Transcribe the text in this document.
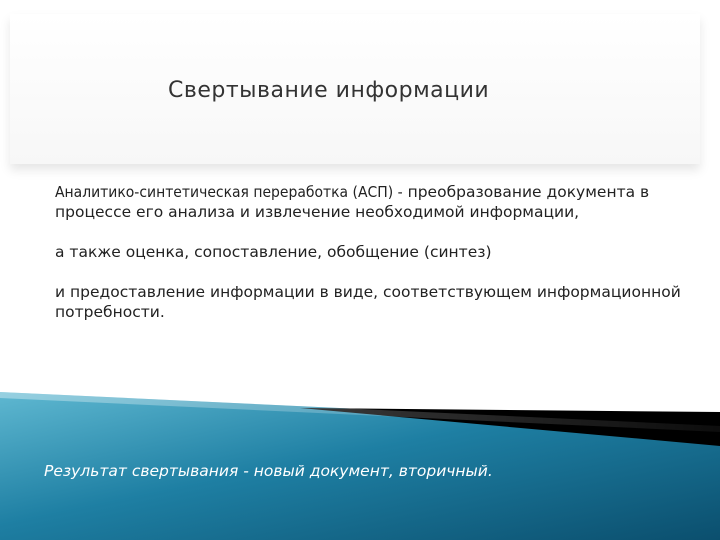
Свертывание информации

Аналитико-синтетическая переработка (АСП) - преобразование документа в процессе его анализа и извлечение необходимой информации,

а также оценка, сопоставление, обобщение (синтез)

и предоставление информации в виде, соответствующем информационной потребности.

Результат свертывания - новый документ, вторичный.
